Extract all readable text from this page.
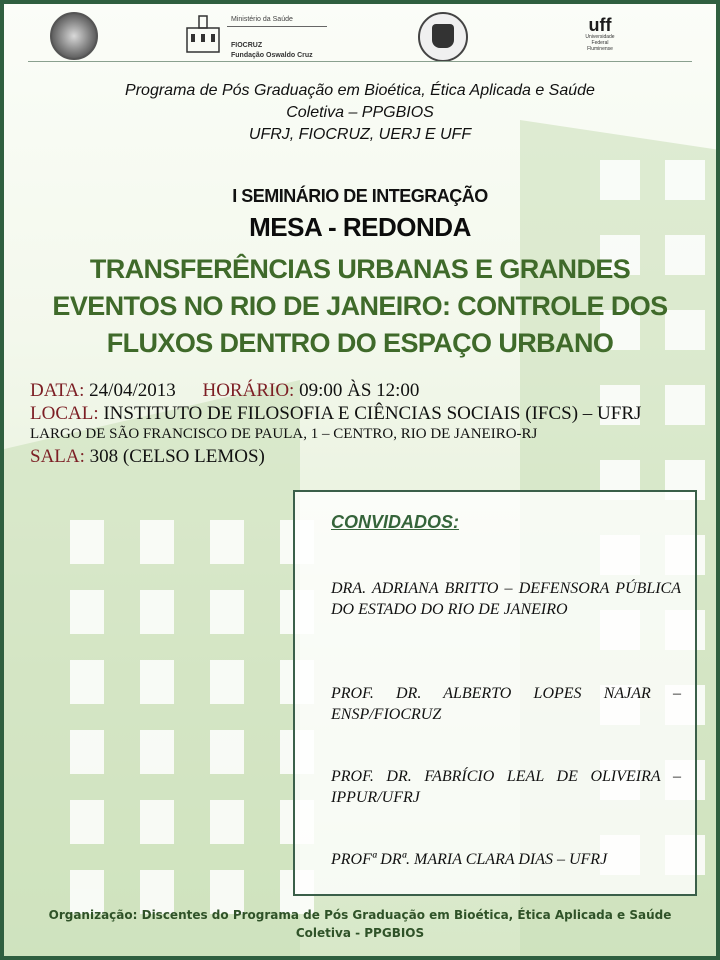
Ministério da Saúde
FIOCRUZ
Fundação Oswaldo Cruz
uff
Universidade
Federal
Fluminense
Programa de Pós Graduação em Bioética, Ética Aplicada e Saúde
Coletiva – PPGBIOS
UFRJ, FIOCRUZ, UERJ E UFF
I SEMINÁRIO DE INTEGRAÇÃO
MESA - REDONDA
TRANSFERÊNCIAS URBANAS E GRANDES
EVENTOS NO RIO DE JANEIRO: CONTROLE DOS
FLUXOS DENTRO DO ESPAÇO URBANO
DATA: 24/04/2013 HORÁRIO: 09:00 ÀS 12:00
LOCAL: INSTITUTO DE FILOSOFIA E CIÊNCIAS SOCIAIS (IFCS) – UFRJ
LARGO DE SÃO FRANCISCO DE PAULA, 1 – CENTRO, RIO DE JANEIRO-RJ
SALA: 308 (CELSO LEMOS)
CONVIDADOS:
DRA. ADRIANA BRITTO – DEFENSORA PÚBLICA DO ESTADO DO RIO DE JANEIRO
PROF. DR. ALBERTO LOPES NAJAR – ENSP/FIOCRUZ
PROF. DR. FABRÍCIO LEAL DE OLIVEIRA – IPPUR/UFRJ
PROFª DRª. MARIA CLARA DIAS – UFRJ
Organização: Discentes do Programa de Pós Graduação em Bioética, Ética Aplicada e Saúde
Coletiva - PPGBIOS
